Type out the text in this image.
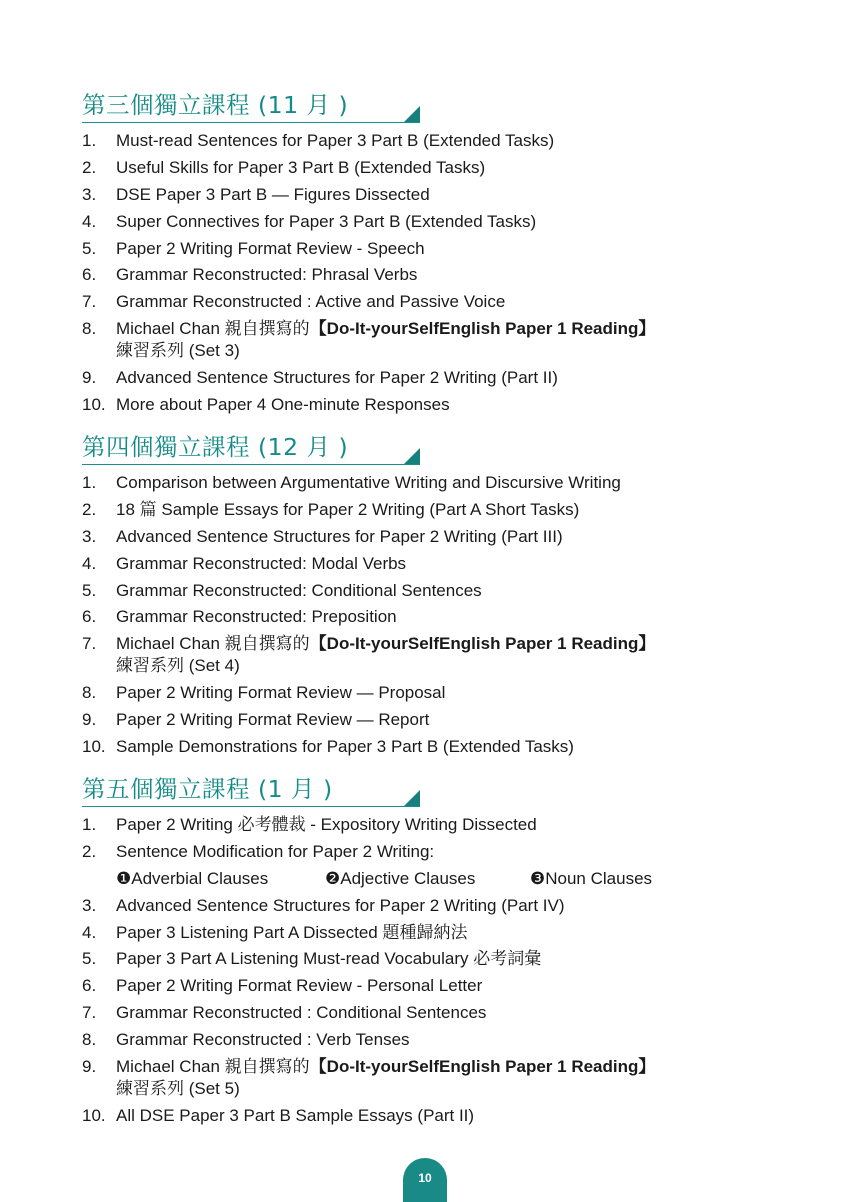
第三個獨立課程 (11 月 )
1. Must-read Sentences for Paper 3 Part B (Extended Tasks)
2. Useful Skills for Paper 3 Part B (Extended Tasks)
3. DSE Paper 3 Part B — Figures Dissected
4. Super Connectives for Paper 3 Part B (Extended Tasks)
5. Paper 2 Writing Format Review - Speech
6. Grammar Reconstructed: Phrasal Verbs
7. Grammar Reconstructed : Active and Passive Voice
8. Michael Chan 親自撰寫的【Do-It-yourSelfEnglish Paper 1 Reading】
練習系列 (Set 3)
9. Advanced Sentence Structures for Paper 2 Writing (Part II)
10. More about Paper 4 One-minute Responses
第四個獨立課程 (12 月 )
1. Comparison between Argumentative Writing and Discursive Writing
2. 18 篇 Sample Essays for Paper 2 Writing (Part A Short Tasks)
3. Advanced Sentence Structures for Paper 2 Writing (Part III)
4. Grammar Reconstructed: Modal Verbs
5. Grammar Reconstructed: Conditional Sentences
6. Grammar Reconstructed: Preposition
7. Michael Chan 親自撰寫的【Do-It-yourSelfEnglish Paper 1 Reading】
練習系列 (Set 4)
8. Paper 2 Writing Format Review — Proposal
9. Paper 2 Writing Format Review — Report
10. Sample Demonstrations for Paper 3 Part B (Extended Tasks)
第五個獨立課程 (1 月 )
1. Paper 2 Writing 必考體裁 - Expository Writing Dissected
2. Sentence Modification for Paper 2 Writing:
❶Adverbial Clauses	❷Adjective Clauses	❸Noun Clauses
3. Advanced Sentence Structures for Paper 2 Writing (Part IV)
4. Paper 3 Listening Part A Dissected 題種歸納法
5. Paper 3 Part A Listening Must-read Vocabulary 必考詞彙
6. Paper 2 Writing Format Review - Personal Letter
7. Grammar Reconstructed : Conditional Sentences
8. Grammar Reconstructed : Verb Tenses
9. Michael Chan 親自撰寫的【Do-It-yourSelfEnglish Paper 1 Reading】
練習系列 (Set 5)
10. All DSE Paper 3 Part B Sample Essays (Part II)
10
